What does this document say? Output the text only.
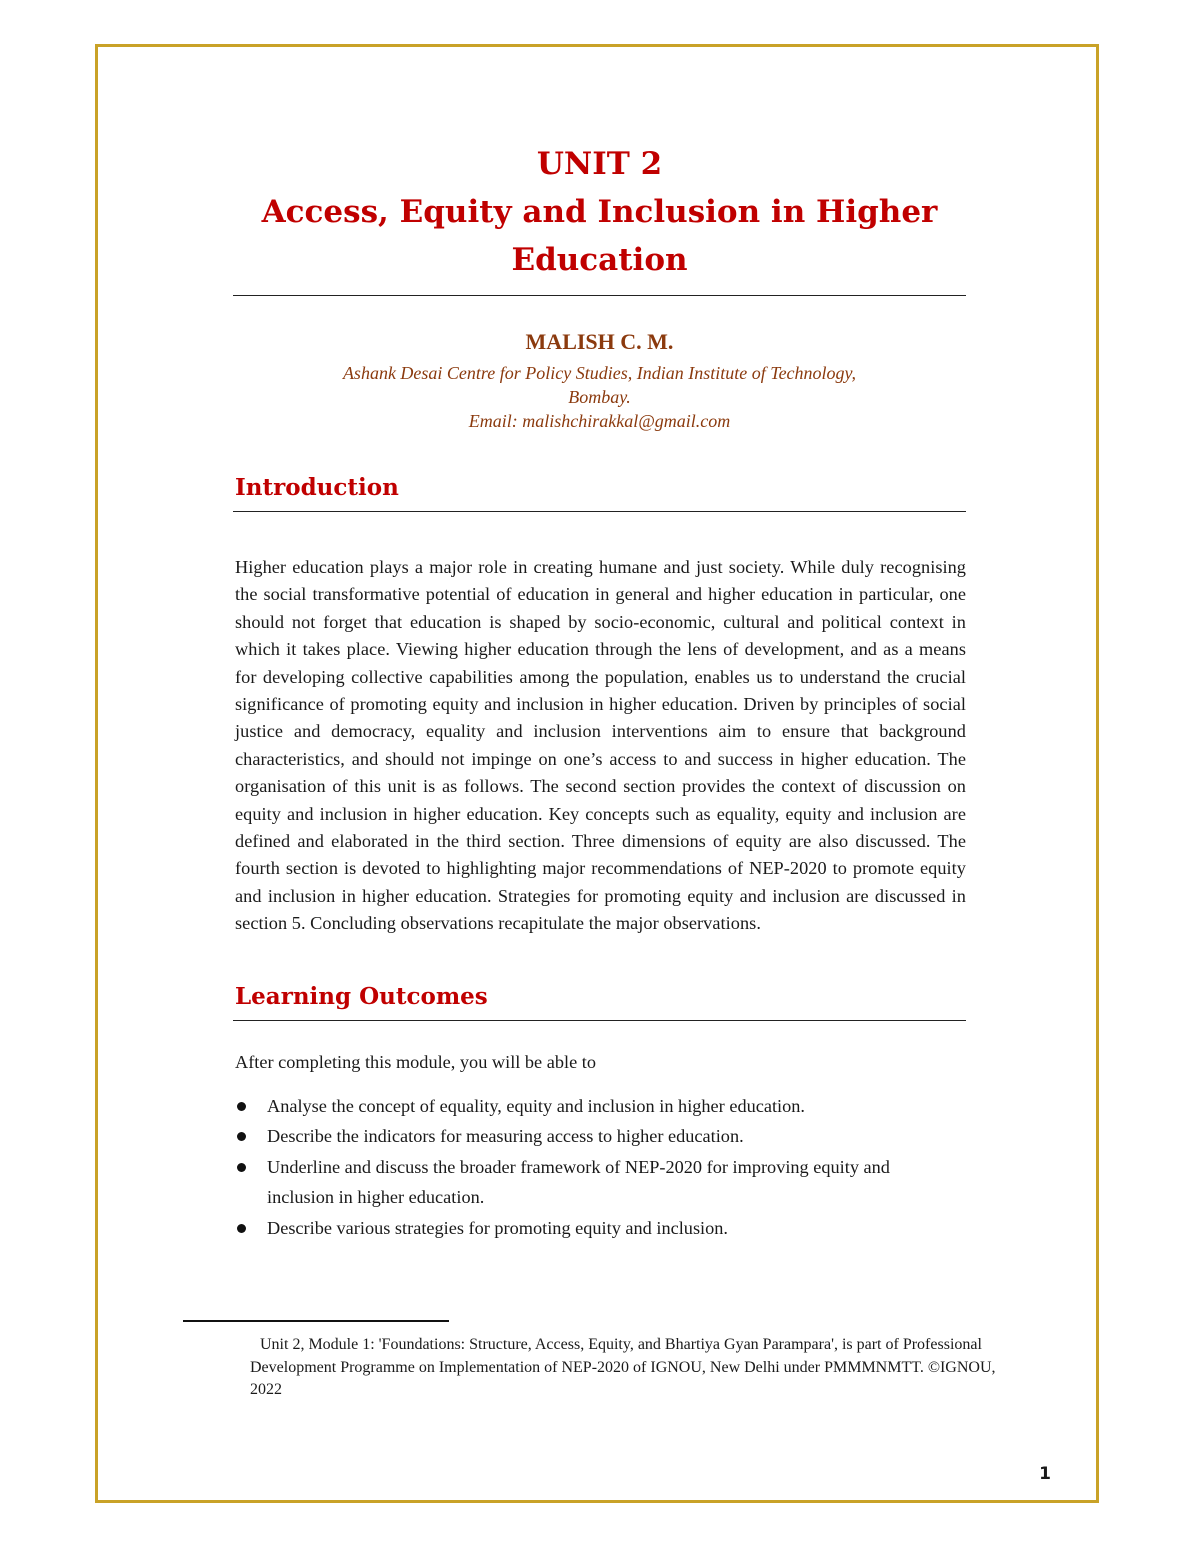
UNIT 2
Access, Equity and Inclusion in Higher
Education

MALISH C. M.

Ashank Desai Centre for Policy Studies, Indian Institute of Technology,

Bombay.

Email: malishchirakkal@gmail.com

Introduction

Higher education plays a major role in creating humane and just society. While duly recognising the social transformative potential of education in general and higher education in particular, one should not forget that education is shaped by socio-economic, cultural and political context in which it takes place. Viewing higher education through the lens of development, and as a means for developing collective capabilities among the population, enables us to understand the crucial significance of promoting equity and inclusion in higher education. Driven by principles of social justice and democracy, equality and inclusion interventions aim to ensure that background characteristics, and should not impinge on one’s access to and success in higher education. The organisation of this unit is as follows. The second section provides the context of discussion on equity and inclusion in higher education. Key concepts such as equality, equity and inclusion are defined and elaborated in the third section. Three dimensions of equity are also discussed. The fourth section is devoted to highlighting major recommendations of NEP-2020 to promote equity and inclusion in higher education. Strategies for promoting equity and inclusion are discussed in section 5. Concluding observations recapitulate the major observations.

Learning Outcomes

After completing this module, you will be able to

Analyse the concept of equality, equity and inclusion in higher education.
Describe the indicators for measuring access to higher education.
Underline and discuss the broader framework of NEP-2020 for improving equity and inclusion in higher education.
Describe various strategies for promoting equity and inclusion.

Unit 2, Module 1: 'Foundations: Structure, Access, Equity, and Bhartiya Gyan Parampara', is part of Professional Development Programme on Implementation of NEP-2020 of IGNOU, New Delhi under PMMMNMTT. ©IGNOU, 2022

1
